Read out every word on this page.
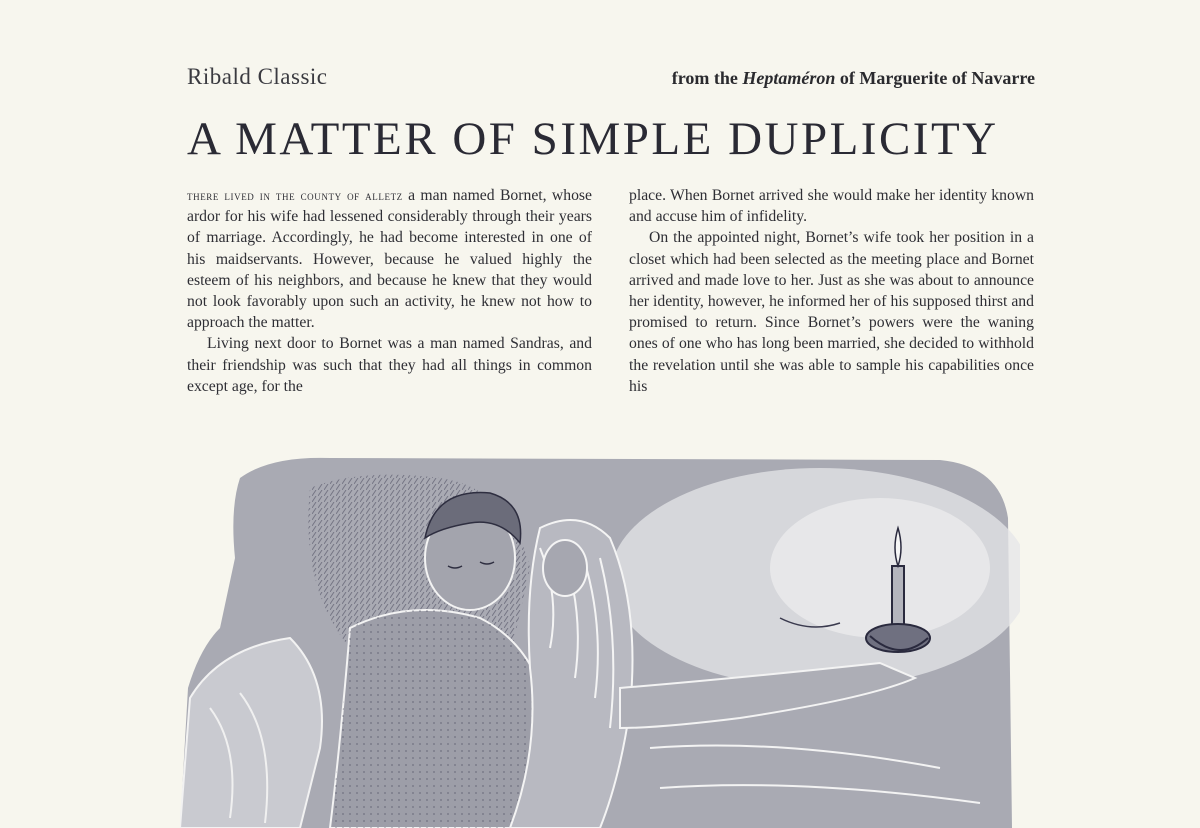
Ribald Classic	from the Heptaméron of Marguerite of Navarre
A MATTER OF SIMPLE DUPLICITY

there lived in the county of alletz a man named Bornet, whose ardor for his wife had lessened considerably through their years of marriage. Accordingly, he had become interested in one of his maidservants. However, because he valued highly the esteem of his neighbors, and because he knew that they would not look favorably upon such an activity, he knew not how to approach the matter.

Living next door to Bornet was a man named Sandras, and their friendship was such that they had all things in common except age, for the

place. When Bornet arrived she would make her identity known and accuse him of infidelity.

On the appointed night, Bornet’s wife took her position in a closet which had been selected as the meeting place and Bornet arrived and made love to her. Just as she was about to announce her identity, however, he informed her of his supposed thirst and promised to return. Since Bornet’s powers were the waning ones of one who has long been married, she decided to withhold the revelation until she was able to sample his capabilities once his
